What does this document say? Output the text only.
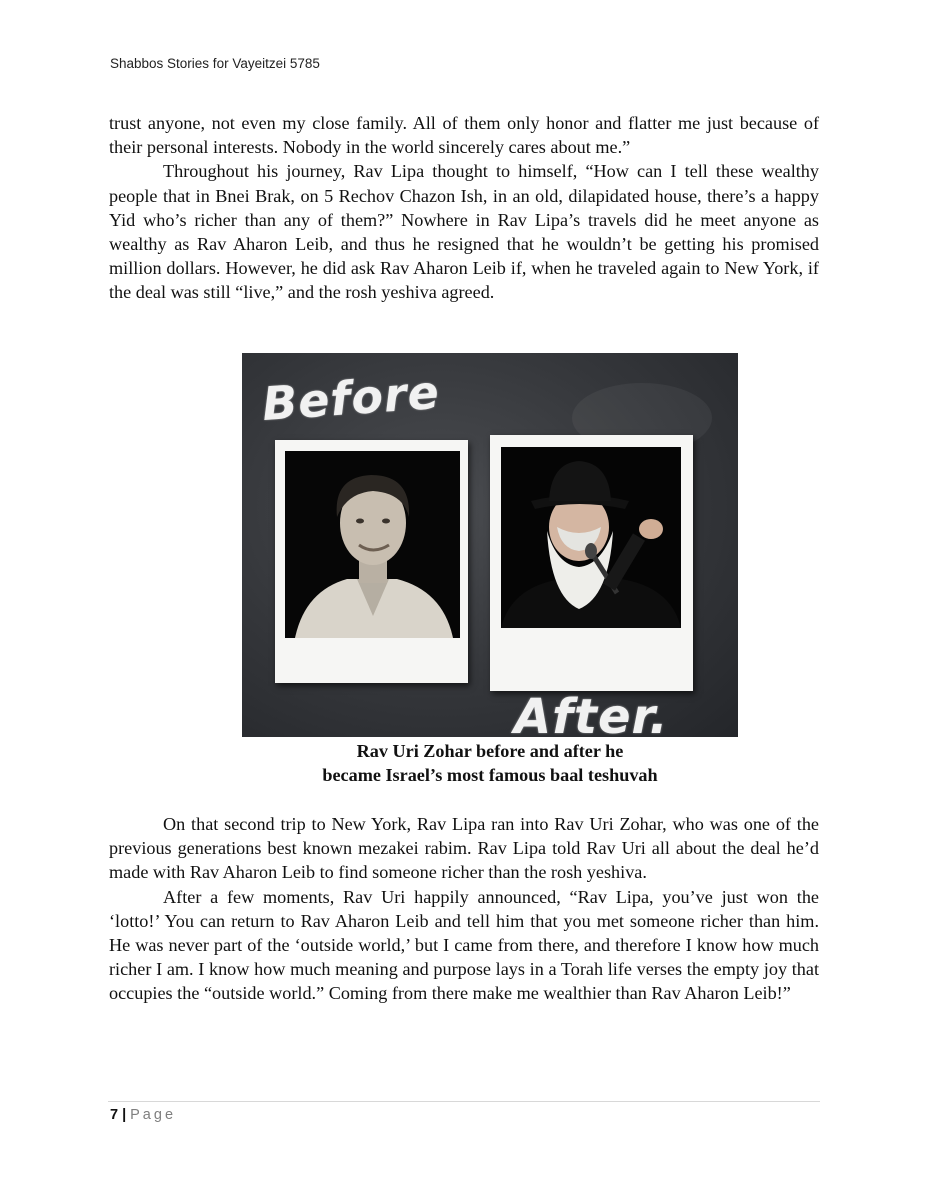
Shabbos Stories for Vayeitzei 5785

trust anyone, not even my close family. All of them only honor and flatter me just because of their personal interests. Nobody in the world sincerely cares about me.”

Throughout his journey, Rav Lipa thought to himself, “How can I tell these wealthy people that in Bnei Brak, on 5 Rechov Chazon Ish, in an old, dilapidated house, there’s a happy Yid who’s richer than any of them?” Nowhere in Rav Lipa’s travels did he meet anyone as wealthy as Rav Aharon Leib, and thus he resigned that he wouldn’t be getting his promised million dollars. However, he did ask Rav Aharon Leib if, when he traveled again to New York, if the deal was still “live,” and the rosh yeshiva agreed.

Before
After.
Rav Uri Zohar before and after he
became Israel’s most famous baal teshuvah

On that second trip to New York, Rav Lipa ran into Rav Uri Zohar, who was one of the previous generations best known mezakei rabim. Rav Lipa told Rav Uri all about the deal he’d made with Rav Aharon Leib to find someone richer than the rosh yeshiva.

After a few moments, Rav Uri happily announced, “Rav Lipa, you’ve just won the ‘lotto!’ You can return to Rav Aharon Leib and tell him that you met someone richer than him. He was never part of the ‘outside world,’ but I came from there, and therefore I know how much richer I am. I know how much meaning and purpose lays in a Torah life verses the empty joy that occupies the “outside world.” Coming from there make me wealthier than Rav Aharon Leib!”

7 | Page
